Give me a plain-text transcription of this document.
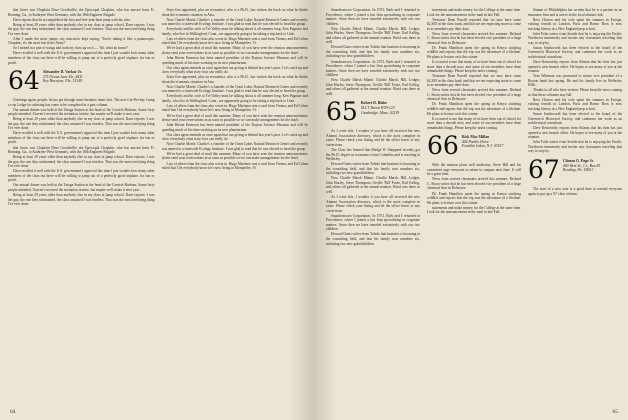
that Jones was Chaplain Dave Goodwillie, the Episcopal Chaplain, who has moved from Ft. Benning, Ga., to Kathryne West Germany, with the 18th Engineer Brigade.

Dave reports that he accomplished the first and five-year-barn jump with his wife.

Being at least 29 years older than anybody else in my class at jump school, Dave reports: I was the guy, the one they nicknamed, the class assumed I was fearless. That was the most terrifying thing I've ever done.

After I made the most jumps, my instructor kept saying, 'You're taking it like a paratrooper, Chaplain, it's the most fun in the Army!'

So I turned in a pair of wings and took my class up on it — 'Ah, what an honor!'

Dave recalled it well with the U.S. government's approval this time I just wonder how many other members of the class out there will be willing to jump out of a perfectly good airplane, for fun or profit.

64 Alexander D. Varkar Jr.
275 Ocean Lane Dr., #411
Key Biscayne, Fla. 33149

Greetings again, people, let me get through some business items first. The new Lin-Pro-bay Camp co-op Lodge for advising has come to be completed in a past column.

Our annual dinner was held at the Tatoga Station at the head of the Cornish Harbour. Some forty people attended, I haven't received the invitation in time, but maybe we'll make it next year.

Being at least 29 years older than anybody else in my class at jump school, Dave reports: I was the guy, the one they nicknamed, the class assumed I was fearless. That was the most terrifying thing I've ever done.

Dave recalled it well with the U.S. government's approval this time I just wonder how many other members of the class out there will be willing to jump out of a perfectly good airplane, for fun or profit.

that Jones was Chaplain Dave Goodwillie, the Episcopal Chaplain, who has moved from Ft. Benning, Ga., to Kathryne West Germany, with the 18th Engineer Brigade.

Being at least 29 years older than anybody else in my class at jump school, Dave reports: I was the guy, the one they nicknamed, the class assumed I was fearless. That was the most terrifying thing I've ever done.

Dave recalled it well with the U.S. government's approval this time I just wonder how many other members of the class out there will be willing to jump out of a perfectly good airplane, for fun or profit.

Our annual dinner was held at the Tatoga Station at the head of the Cornish Harbour. Some forty people attended, I haven't received the invitation in time, but maybe we'll make it next year.

Being at least 29 years older than anybody else in my class at jump school, Dave reports: I was the guy, the one they nicknamed, the class assumed I was fearless. That was the most terrifying thing I've ever done.

Sixty-five appointed, plus an economist, who is a Ph.D., has written the book on what he thinks about the economic situation in Asia.

Now Charlie Marsh: Charlie's a founder of the Great Lakes Natural Research Center and recently was named to a statewide Ecology Institute. I was glad to read that he was elected to head the group.

Everybody and his wife at Tri-Valley must be talking about it all summer long. Ken Pugmire and family, who live in Wallingford, Conn., are apparently going to be taking a trip back to Utah.

Lots of others from the class also wrote in. Hugo Martinez sent a card from Vienna, and Ed Cohen asked that I let everybody know he's now living in Montpelier, Vt.

We've had a great deal of mail this summer. Many of you have seen the reunion announcement; please send your reservations in as soon as possible so we can make arrangements for the hotel.

John Haven Emerson has been named president of the Dayton Science Museum and will be spending much of his time working on its new planetarium.

Our class agent reminds us once again that our giving is behind last year's pace. Let's catch up and show everybody what sixty-four can really do.

Sixty-five appointed, plus an economist, who is a Ph.D., has written the book on what he thinks about the economic situation in Asia.

Now Charlie Marsh: Charlie's a founder of the Great Lakes Natural Research Center and recently was named to a statewide Ecology Institute. I was glad to read that he was elected to head the group.

Everybody and his wife at Tri-Valley must be talking about it all summer long. Ken Pugmire and family, who live in Wallingford, Conn., are apparently going to be taking a trip back to Utah.

Lots of others from the class also wrote in. Hugo Martinez sent a card from Vienna, and Ed Cohen asked that I let everybody know he's now living in Montpelier, Vt.

We've had a great deal of mail this summer. Many of you have seen the reunion announcement; please send your reservations in as soon as possible so we can make arrangements for the hotel.

John Haven Emerson has been named president of the Dayton Science Museum and will be spending much of his time working on its new planetarium.

Our class agent reminds us once again that our giving is behind last year's pace. Let's catch up and show everybody what sixty-four can really do.

Now Charlie Marsh: Charlie's a founder of the Great Lakes Natural Research Center and recently was named to a statewide Ecology Institute. I was glad to read that he was elected to head the group.

We've had a great deal of mail this summer. Many of you have seen the reunion announcement; please send your reservations in as soon as possible so we can make arrangements for the hotel.

Lots of others from the class also wrote in. Hugo Martinez sent a card from Vienna, and Ed Cohen asked that I let everybody know he's now living in Montpelier, Vt.

64

Saunderstown Corporation. In 1972, Barb and I returned to Providence, where I joined a law firm specializing in corporate matters. Since then we have traveled extensively with our two children.

Now Charlie Marsh Miami. Charlie Marsh, Hill, Ledger, John Hurley, Steve Thompson, Orville 'Bill' Foote, Earl Kellog, and others all gathered at the annual reunion. Hood was there as well.

Howard Gates writes from Toledo that business is booming in the consulting field, and that his family now numbers six, including two new grandchildren.

Saunderstown Corporation. In 1972, Barb and I returned to Providence, where I joined a law firm specializing in corporate matters. Since then we have traveled extensively with our two children.

Now Charlie Marsh Miami. Charlie Marsh, Hill, Ledger, John Hurley, Steve Thompson, Orville 'Bill' Foote, Earl Kellog, and others all gathered at the annual reunion. Hood was there as well.

65 Robert D. Blake
M.I.T. Room W59-123
Cambridge, Mass. 02139

As I write this, I wonder if you have all received the new Alumni Association directory, which is the most complete in years. Please check your listing and let the office know of any corrections.

The Class has learned that Madge W. Sheppard recently got the Ph.D. degree in economics from Columbia and is teaching at Wellesley.

Howard Gates writes from Toledo that business is booming in the consulting field, and that his family now numbers six, including two new grandchildren.

Now Charlie Marsh Miami. Charlie Marsh, Hill, Ledger, John Hurley, Steve Thompson, Orville 'Bill' Foote, Earl Kellog, and others all gathered at the annual reunion. Hood was there as well.

As I write this, I wonder if you have all received the new Alumni Association directory, which is the most complete in years. Please check your listing and let the office know of any corrections.

Saunderstown Corporation. In 1972, Barb and I returned to Providence, where I joined a law firm specializing in corporate matters. Since then we have traveled extensively with our two children.

Howard Gates writes from Toledo that business is booming in the consulting field, and that his family now numbers six, including two new grandchildren.

statements and make money for the College at the same time. Look for the announcement in the mail in late Fall.

Treasurer Dean Purcell reported that we now have some $2,300 in the class fund, and that we are expecting more to come in as members pay their dues.

News from several classmates arrived this summer: Richard C. Sloan writes that he has been elected vice president of a large chemical firm in Delaware.

Dr. Frank Hamilton spent the spring in Kenya studying wildlife and reports that the trip was the adventure of a lifetime. He plans to lecture on it this winter.

It occurred to me that many of us have been out of school for more than a decade now, and some of our members have done remarkable things. Please keep the notes coming.

Treasurer Dean Purcell reported that we now have some $2,300 in the class fund, and that we are expecting more to come in as members pay their dues.

News from several classmates arrived this summer: Richard C. Sloan writes that he has been elected vice president of a large chemical firm in Delaware.

Dr. Frank Hamilton spent the spring in Kenya studying wildlife and reports that the trip was the adventure of a lifetime. He plans to lecture on it this winter.

It occurred to me that many of us have been out of school for more than a decade now, and some of our members have done remarkable things. Please keep the notes coming.

66 Rick Mac Millan
404 Pueblo Drive
Franklin Lakes, N.J. 07417

With the reunion plans well underway, Steve Hill and his committee urge everyone to return to campus next June. It will be a great time.

News from several classmates arrived this summer: Richard C. Sloan writes that he has been elected vice president of a large chemical firm in Delaware.

Dr. Frank Hamilton spent the spring in Kenya studying wildlife and reports that the trip was the adventure of a lifetime. He plans to lecture on it this winter.

statements and make money for the College at the same time. Look for the announcement in the mail in late Fall.

Stamm of Philadelphia has written that he is a partner in an insurance firm and is active in the local alumni club.

Ross Clinton and his wife spent the summer in Europe, visiting friends in London, Paris and Rome. Ross is now teaching history at a New England prep school.

John Fultz writes from Seattle that he is enjoying the Pacific Northwest immensely and invites any classmates traveling that way to stop by.

Susan Southworth has been elected to the board of the Greenwich Historical Society, and continues her work as an architectural consultant.

Dave Kenworthy reports from Atlanta that his firm has just opened a new branch office. He hopes to see many of you at the reunion.

Tom Whitman was promoted to senior vice president of a Boston bank last spring. He and his family live in Wellesley Hills.

Thanks to all who have written. Please keep the news coming so that these columns stay full.

Ross Clinton and his wife spent the summer in Europe, visiting friends in London, Paris and Rome. Ross is now teaching history at a New England prep school.

Susan Southworth has been elected to the board of the Greenwich Historical Society, and continues her work as an architectural consultant.

Dave Kenworthy reports from Atlanta that his firm has just opened a new branch office. He hopes to see many of you at the reunion.

John Fultz writes from Seattle that he is enjoying the Pacific Northwest immensely and invites any classmates traveling that way to stop by.

67 Clinton G. Page Jr.
400 West St., Cr., Box 83
Reading, Pa. 19601

The start of a new year is a good time to remind everyone again to put up a '67 class column.

65
